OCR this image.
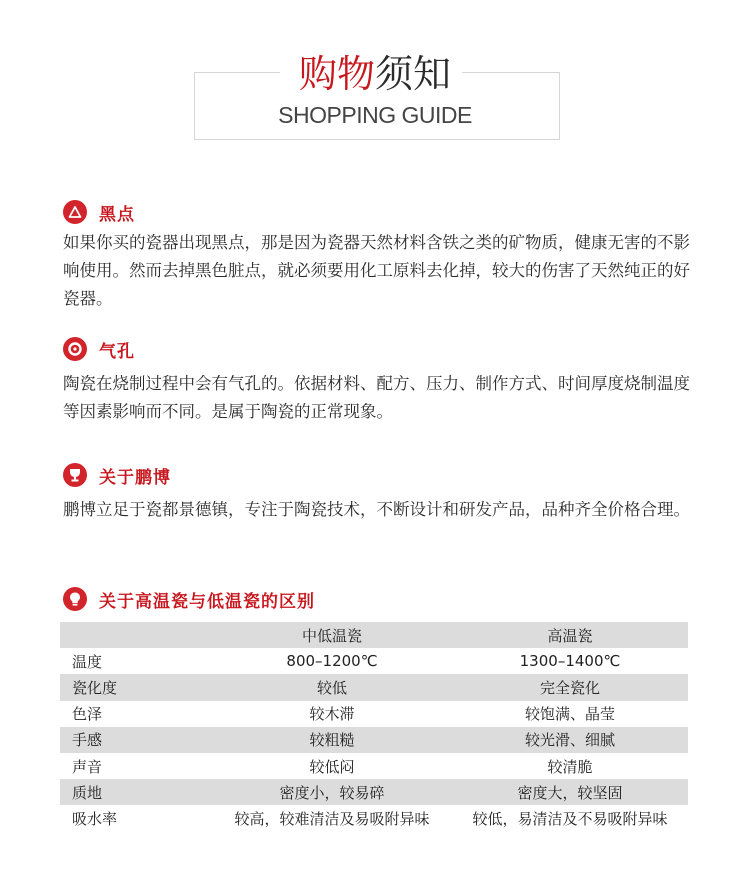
购物须知
SHOPPING GUIDE
黑点
如果你买的瓷器出现黑点，那是因为瓷器天然材料含铁之类的矿物质，健康无害的不影响使用。然而去掉黑色脏点，就必须要用化工原料去化掉，较大的伤害了天然纯正的好瓷器。
气孔
陶瓷在烧制过程中会有气孔的。依据材料、配方、压力、制作方式、时间厚度烧制温度等因素影响而不同。是属于陶瓷的正常现象。
关于鹏博
鹏博立足于瓷都景德镇，专注于陶瓷技术，不断设计和研发产品，品种齐全价格合理。
关于高温瓷与低温瓷的区别
	中低温瓷	高温瓷
温度	800–1200℃	1300–1400℃
瓷化度	较低	完全瓷化
色泽	较木滞	较饱满、晶莹
手感	较粗糙	较光滑、细腻
声音	较低闷	较清脆
质地	密度小，较易碎	密度大，较坚固
吸水率	较高，较难清洁及易吸附异味	较低，易清洁及不易吸附异味
